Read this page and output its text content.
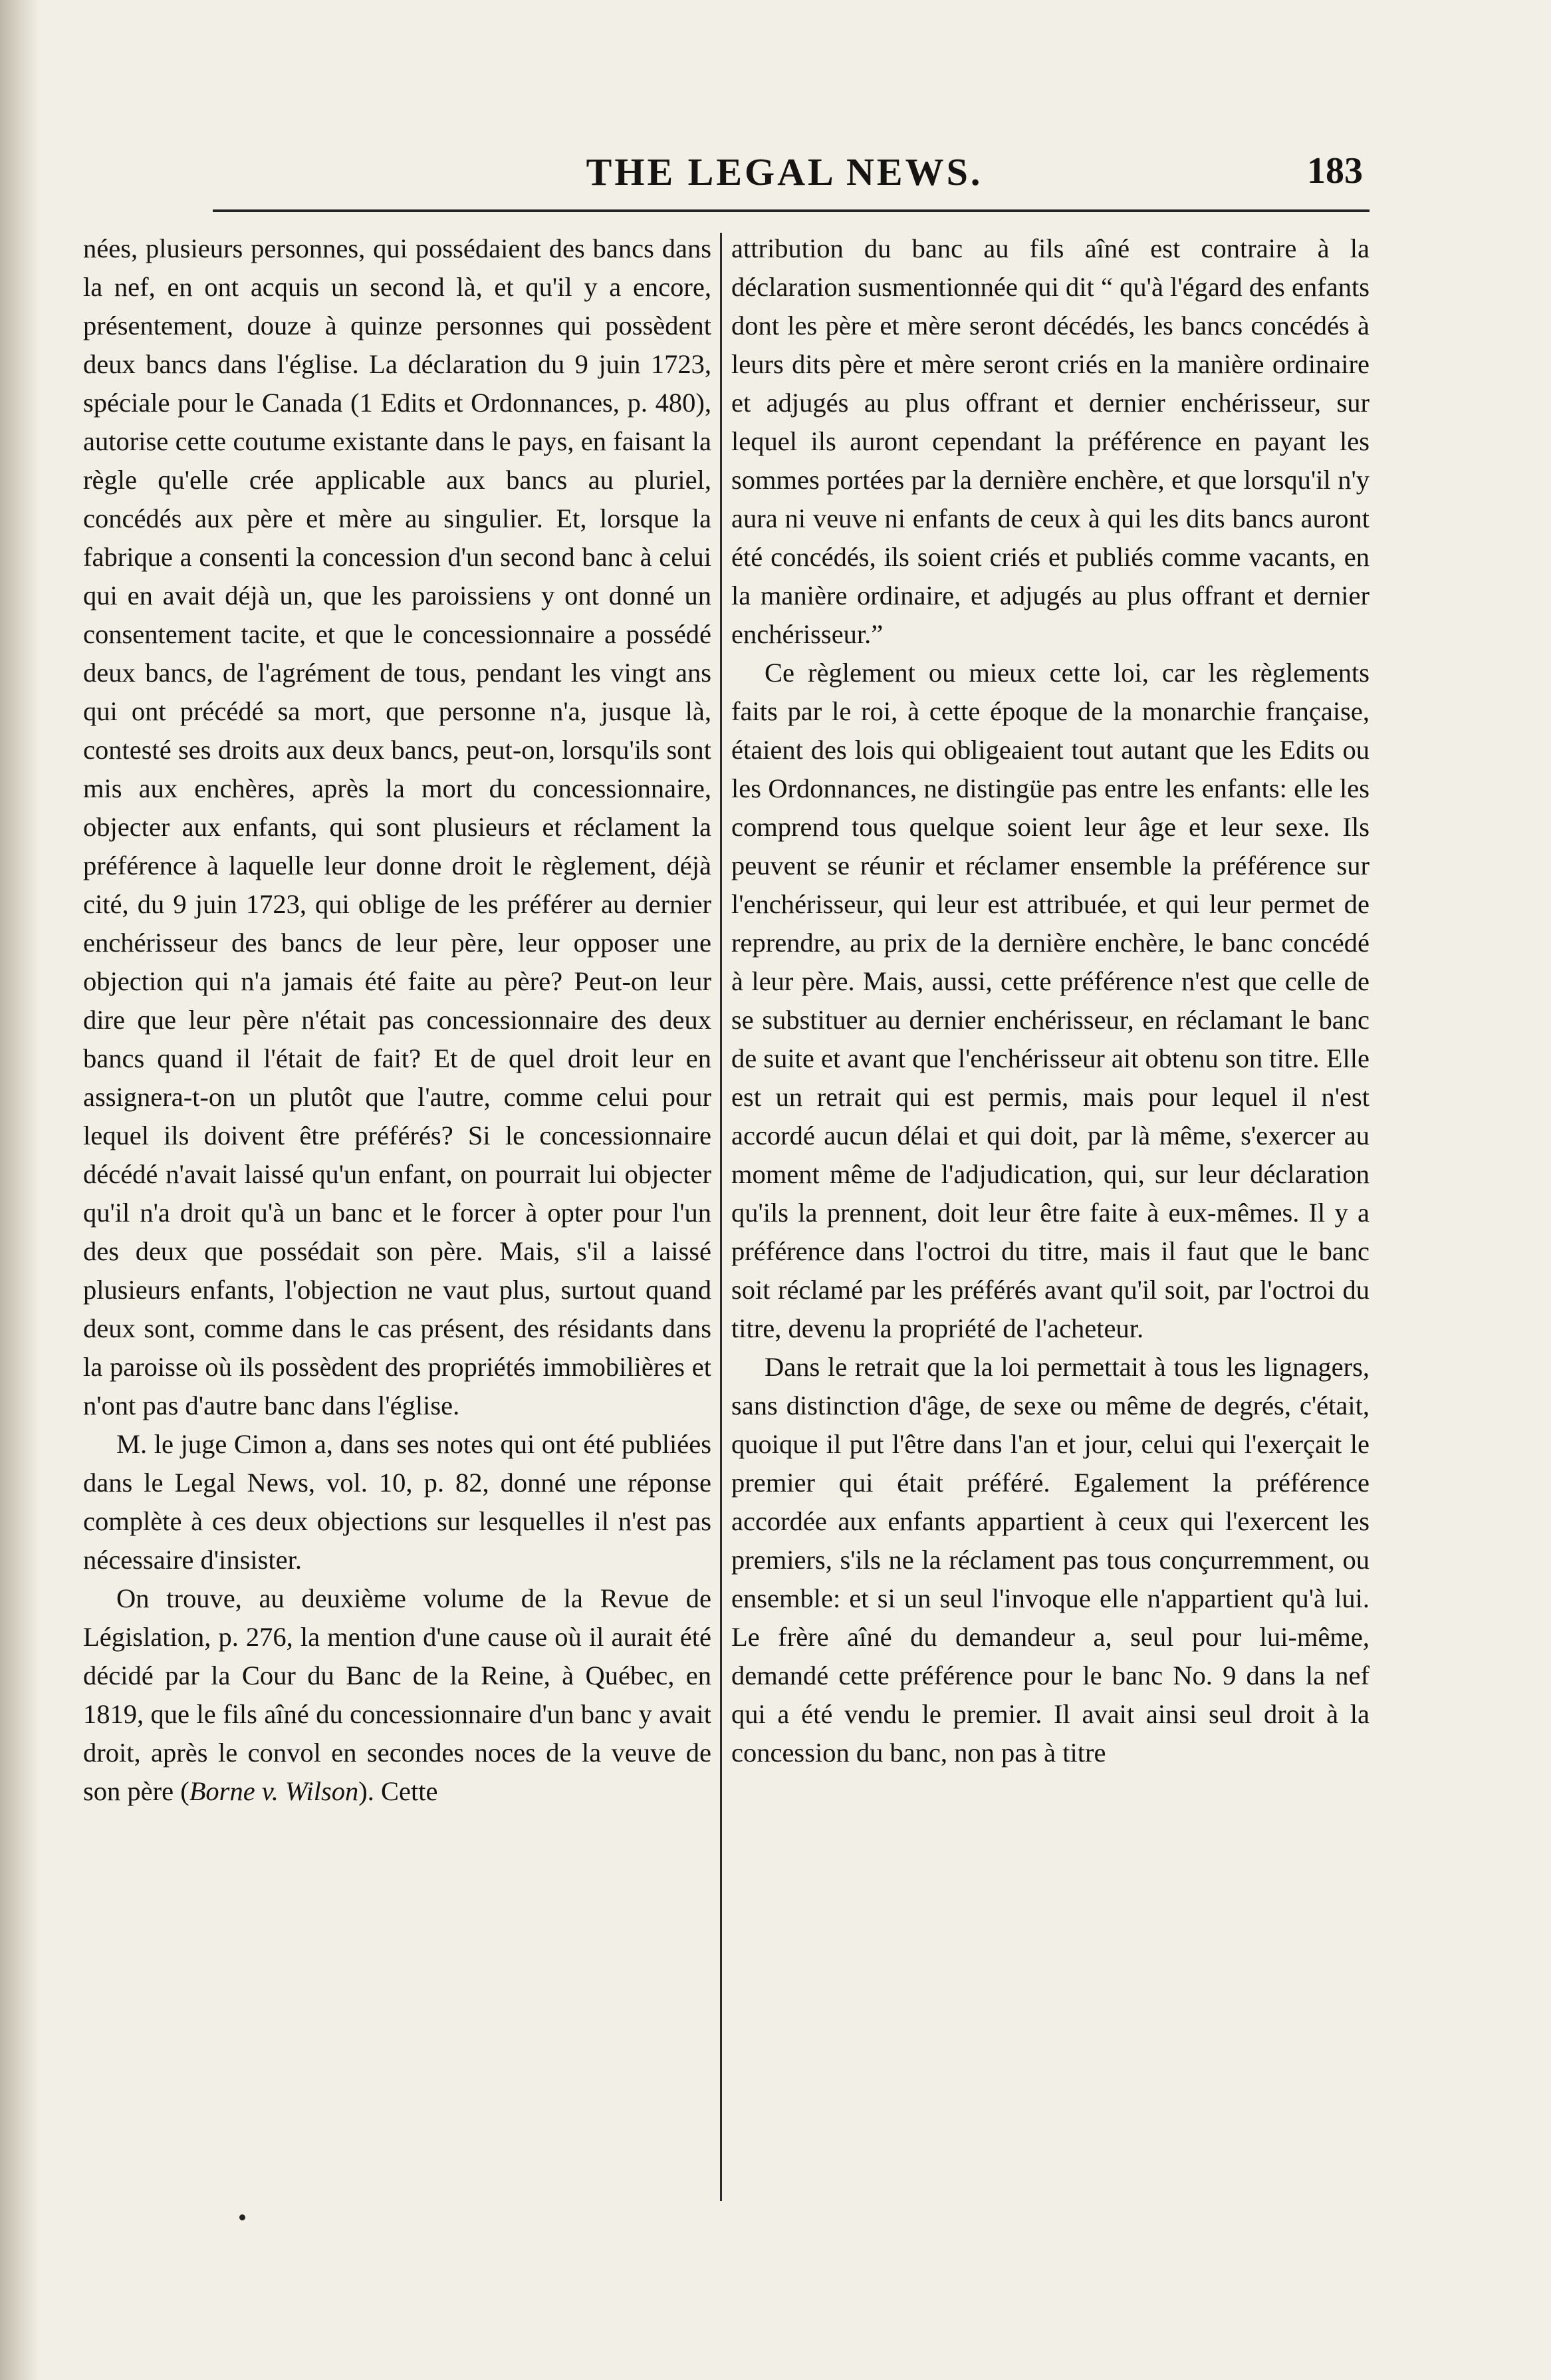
THE LEGAL NEWS.	183

nées, plusieurs personnes, qui possédaient des bancs dans la nef, en ont acquis un second là, et qu'il y a encore, présentement, douze à quinze personnes qui possèdent deux bancs dans l'église. La déclaration du 9 juin 1723, spéciale pour le Canada (1 Edits et Ordonnances, p. 480), autorise cette coutume existante dans le pays, en faisant la règle qu'elle crée applicable aux bancs au pluriel, concédés aux père et mère au singulier. Et, lorsque la fabrique a consenti la concession d'un second banc à celui qui en avait déjà un, que les paroissiens y ont donné un consentement tacite, et que le concessionnaire a possédé deux bancs, de l'agrément de tous, pendant les vingt ans qui ont précédé sa mort, que personne n'a, jusque là, contesté ses droits aux deux bancs, peut-on, lorsqu'ils sont mis aux enchères, après la mort du concessionnaire, objecter aux enfants, qui sont plusieurs et réclament la préférence à laquelle leur donne droit le règlement, déjà cité, du 9 juin 1723, qui oblige de les préférer au dernier enchérisseur des bancs de leur père, leur opposer une objection qui n'a jamais été faite au père? Peut-on leur dire que leur père n'était pas concessionnaire des deux bancs quand il l'était de fait? Et de quel droit leur en assignera-t-on un plutôt que l'autre, comme celui pour lequel ils doivent être préférés? Si le concessionnaire décédé n'avait laissé qu'un enfant, on pourrait lui objecter qu'il n'a droit qu'à un banc et le forcer à opter pour l'un des deux que possédait son père. Mais, s'il a laissé plusieurs enfants, l'objection ne vaut plus, surtout quand deux sont, comme dans le cas présent, des résidants dans la paroisse où ils possèdent des propriétés immobilières et n'ont pas d'autre banc dans l'église.

M. le juge Cimon a, dans ses notes qui ont été publiées dans le Legal News, vol. 10, p. 82, donné une réponse complète à ces deux objections sur lesquelles il n'est pas nécessaire d'insister.

On trouve, au deuxième volume de la Revue de Législation, p. 276, la mention d'une cause où il aurait été décidé par la Cour du Banc de la Reine, à Québec, en 1819, que le fils aîné du concessionnaire d'un banc y avait droit, après le convol en secondes noces de la veuve de son père (Borne v. Wilson). Cette

attribution du banc au fils aîné est contraire à la déclaration susmentionnée qui dit “ qu'à l'égard des enfants dont les père et mère seront décédés, les bancs concédés à leurs dits père et mère seront criés en la manière ordinaire et adjugés au plus offrant et dernier enchérisseur, sur lequel ils auront cependant la préférence en payant les sommes portées par la dernière enchère, et que lorsqu'il n'y aura ni veuve ni enfants de ceux à qui les dits bancs auront été concédés, ils soient criés et publiés comme vacants, en la manière ordinaire, et adjugés au plus offrant et dernier enchérisseur.”

Ce règlement ou mieux cette loi, car les règlements faits par le roi, à cette époque de la monarchie française, étaient des lois qui obligeaient tout autant que les Edits ou les Ordonnances, ne distingüe pas entre les enfants: elle les comprend tous quelque soient leur âge et leur sexe. Ils peuvent se réunir et réclamer ensemble la préférence sur l'enchérisseur, qui leur est attribuée, et qui leur permet de reprendre, au prix de la dernière enchère, le banc concédé à leur père. Mais, aussi, cette préférence n'est que celle de se substituer au dernier enchérisseur, en réclamant le banc de suite et avant que l'enchérisseur ait obtenu son titre. Elle est un retrait qui est permis, mais pour lequel il n'est accordé aucun délai et qui doit, par là même, s'exercer au moment même de l'adjudication, qui, sur leur déclaration qu'ils la prennent, doit leur être faite à eux-mêmes. Il y a préférence dans l'octroi du titre, mais il faut que le banc soit réclamé par les préférés avant qu'il soit, par l'octroi du titre, devenu la propriété de l'acheteur.

Dans le retrait que la loi permettait à tous les lignagers, sans distinction d'âge, de sexe ou même de degrés, c'était, quoique il put l'être dans l'an et jour, celui qui l'exerçait le premier qui était préféré. Egalement la préférence accordée aux enfants appartient à ceux qui l'exercent les premiers, s'ils ne la réclament pas tous conçurremment, ou ensemble: et si un seul l'invoque elle n'appartient qu'à lui. Le frère aîné du demandeur a, seul pour lui-même, demandé cette préférence pour le banc No. 9 dans la nef qui a été vendu le premier. Il avait ainsi seul droit à la concession du banc, non pas à titre
